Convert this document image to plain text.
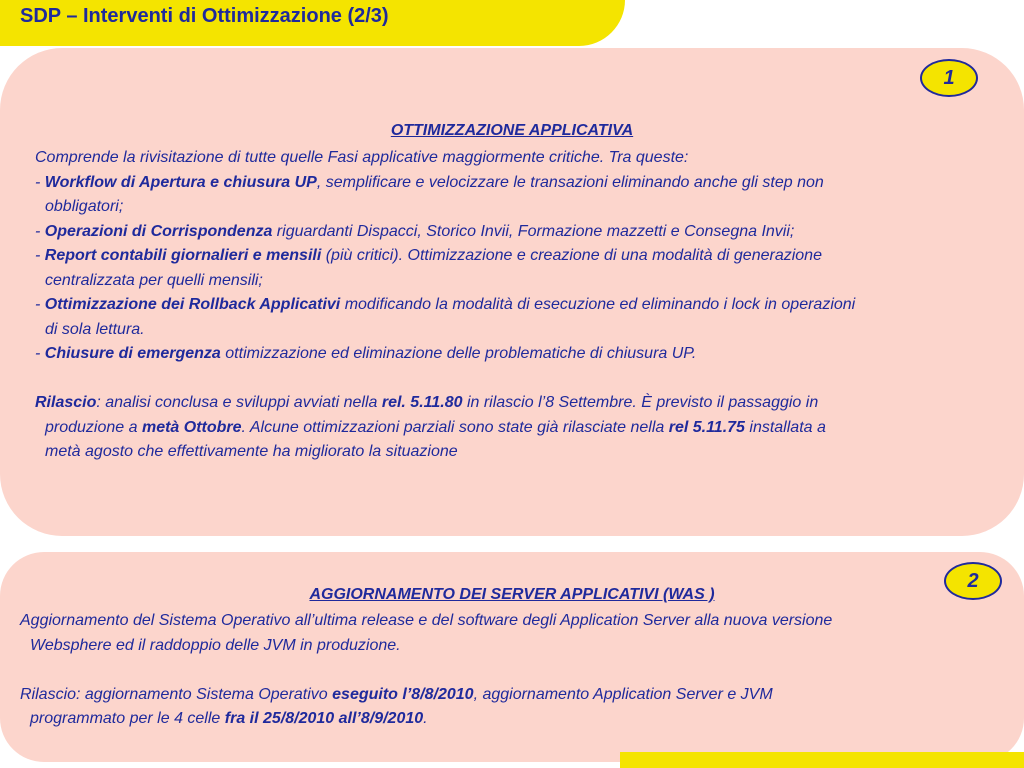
SDP – Interventi di Ottimizzazione (2/3)
1
OTTIMIZZAZIONE APPLICATIVA
Comprende la rivisitazione di tutte quelle Fasi applicative maggiormente critiche. Tra queste:
- Workflow di Apertura e chiusura UP, semplificare e velocizzare le transazioni eliminando anche gli step non
obbligatori;
- Operazioni di Corrispondenza riguardanti Dispacci, Storico Invii, Formazione mazzetti e Consegna Invii;
- Report contabili giornalieri e mensili (più critici). Ottimizzazione e creazione di una modalità di generazione
centralizzata per quelli mensili;
- Ottimizzazione dei Rollback Applicativi modificando la modalità di esecuzione ed eliminando i lock in operazioni
di sola lettura.
- Chiusure di emergenza ottimizzazione ed eliminazione delle problematiche di chiusura UP.
Rilascio: analisi conclusa e sviluppi avviati nella rel. 5.11.80 in rilascio l’8 Settembre. È previsto il passaggio in
produzione a metà Ottobre. Alcune ottimizzazioni parziali sono state già rilasciate nella rel 5.11.75 installata a
metà agosto che effettivamente ha migliorato la situazione
2
AGGIORNAMENTO DEI SERVER APPLICATIVI (WAS )
Aggiornamento del Sistema Operativo all’ultima release e del software degli Application Server alla nuova versione
Websphere ed il raddoppio delle JVM in produzione.
Rilascio: aggiornamento Sistema Operativo eseguito l’8/8/2010, aggiornamento Application Server e JVM
programmato per le 4 celle fra il 25/8/2010 all’8/9/2010.
